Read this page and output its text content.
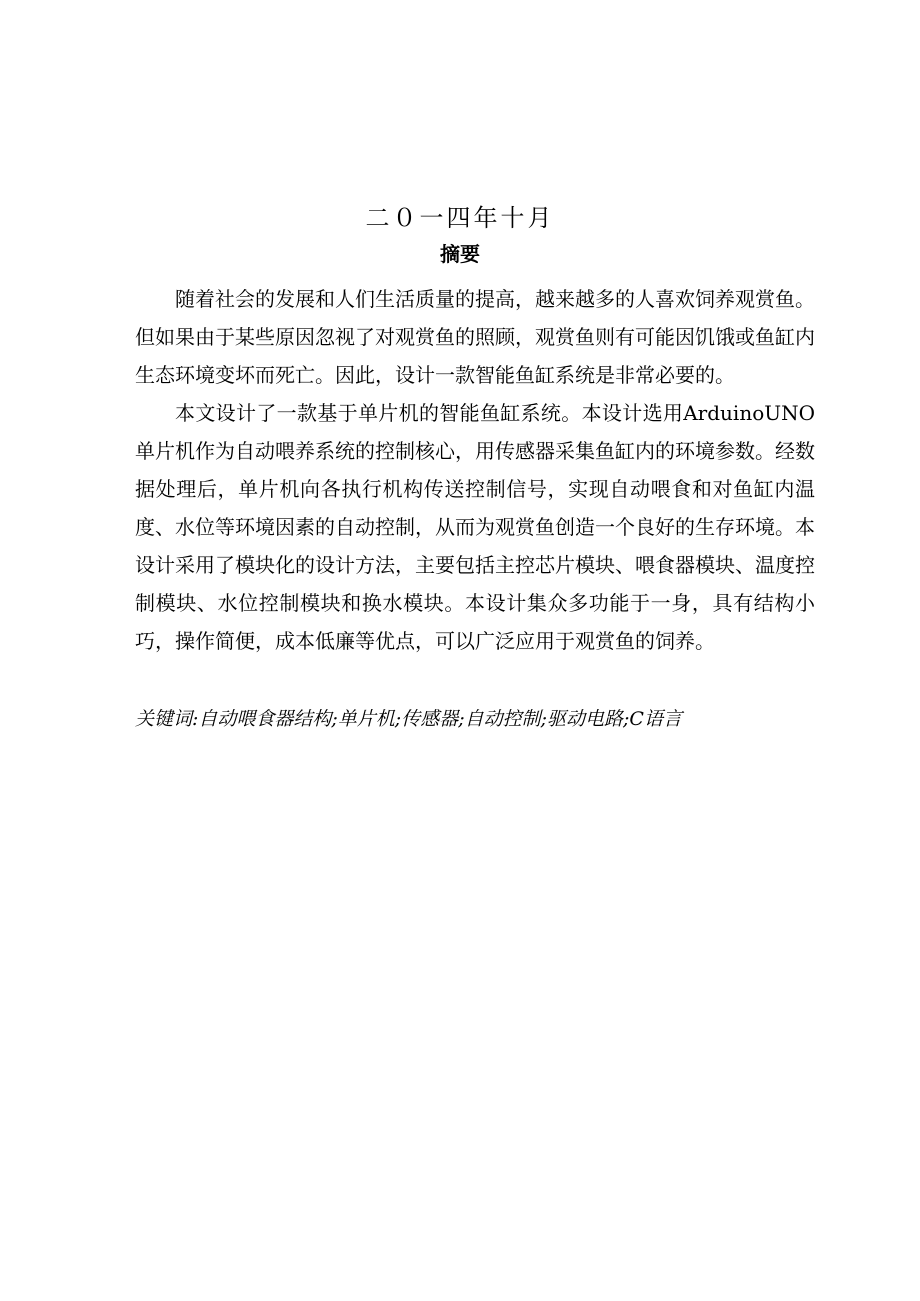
二０一四年十月
摘要

随着社会的发展和人们生活质量的提高，越来越多的人喜欢饲养观赏鱼。但如果由于某些原因忽视了对观赏鱼的照顾，观赏鱼则有可能因饥饿或鱼缸内生态环境变坏而死亡。因此，设计一款智能鱼缸系统是非常必要的。

本文设计了一款基于单片机的智能鱼缸系统。本设计选用ArduinoUNO单片机作为自动喂养系统的控制核心，用传感器采集鱼缸内的环境参数。经数据处理后，单片机向各执行机构传送控制信号，实现自动喂食和对鱼缸内温度、水位等环境因素的自动控制，从而为观赏鱼创造一个良好的生存环境。本设计采用了模块化的设计方法，主要包括主控芯片模块、喂食器模块、温度控制模块、水位控制模块和换水模块。本设计集众多功能于一身，具有结构小巧，操作简便，成本低廉等优点，可以广泛应用于观赏鱼的饲养。

关键词:自动喂食器结构;单片机;传感器;自动控制;驱动电路;C语言
